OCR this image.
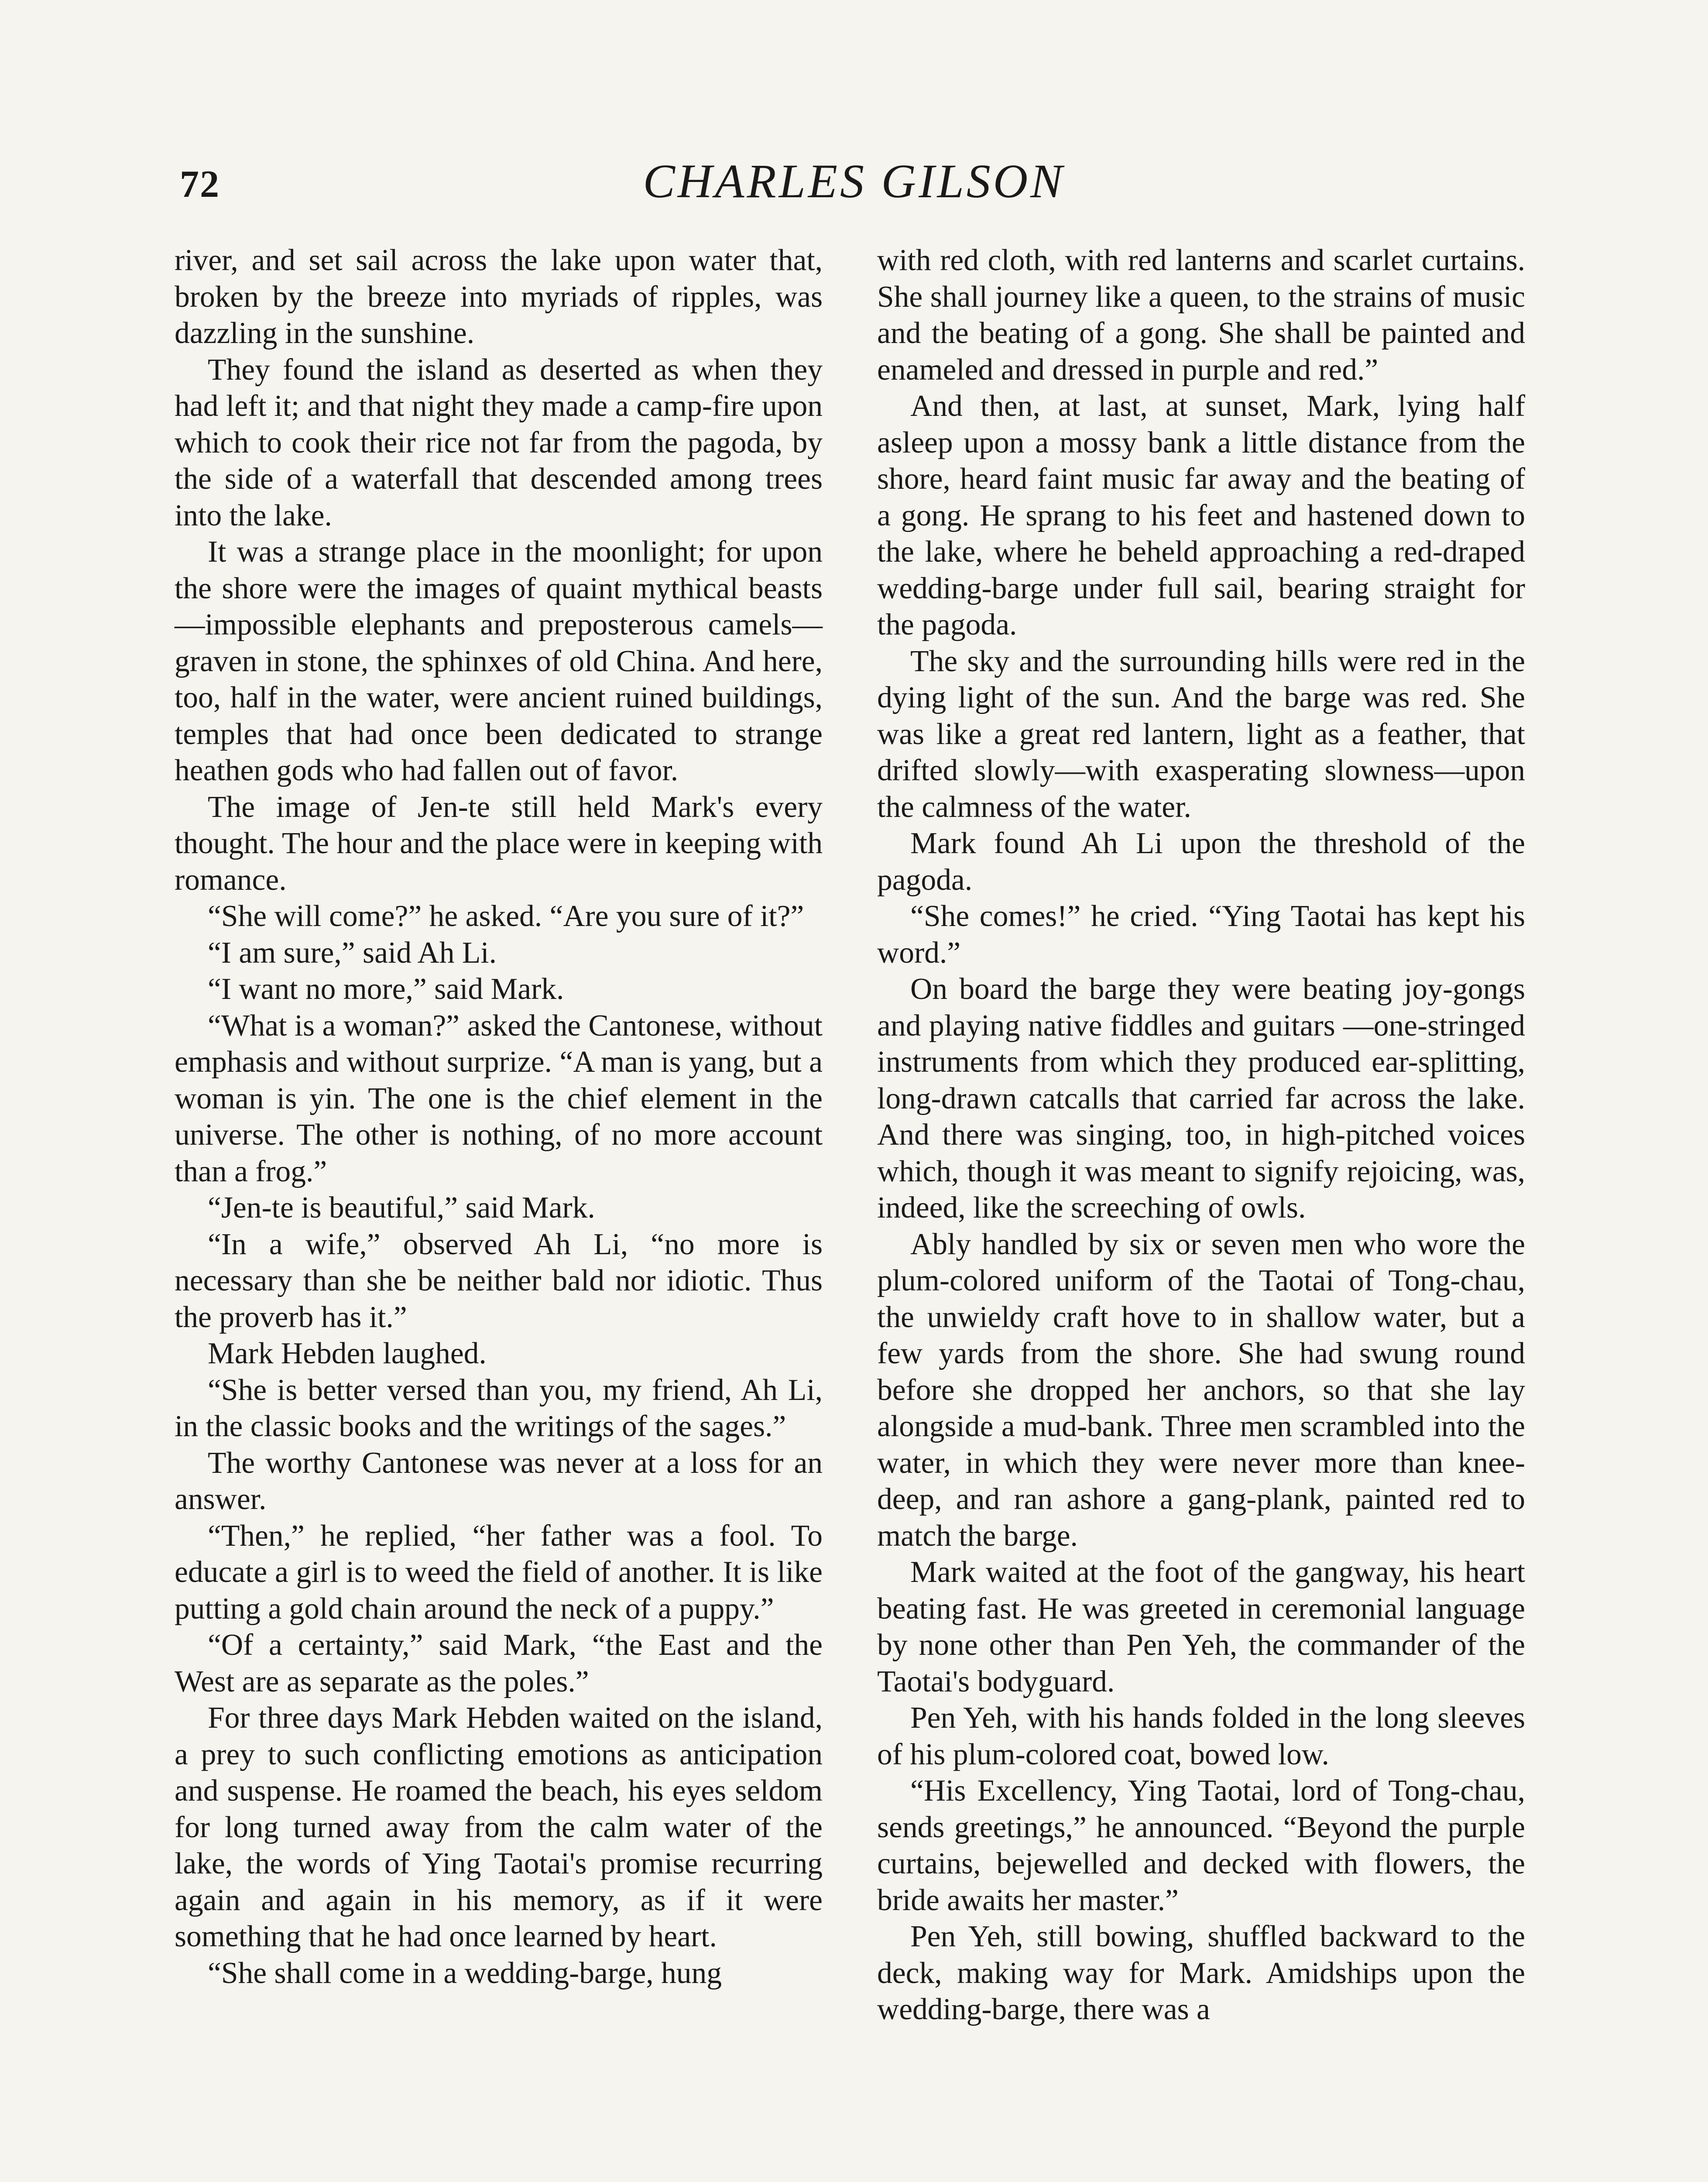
72	CHARLES GILSON

river, and set sail across the lake upon water that, broken by the breeze into myriads of ripples, was dazzling in the sunshine.

They found the island as deserted as when they had left it; and that night they made a camp-fire upon which to cook their rice not far from the pagoda, by the side of a waterfall that descended among trees into the lake.

It was a strange place in the moonlight; for upon the shore were the images of quaint mythical beasts—impossible elephants and preposterous camels—graven in stone, the sphinxes of old China. And here, too, half in the water, were ancient ruined buildings, temples that had once been dedicated to strange heathen gods who had fallen out of favor.

The image of Jen-te still held Mark's every thought. The hour and the place were in keeping with romance.

“She will come?” he asked. “Are you sure of it?”

“I am sure,” said Ah Li.

“I want no more,” said Mark.

“What is a woman?” asked the Cantonese, without emphasis and without surprize. “A man is yang, but a woman is yin. The one is the chief element in the universe. The other is nothing, of no more account than a frog.”

“Jen-te is beautiful,” said Mark.

“In a wife,” observed Ah Li, “no more is necessary than she be neither bald nor idiotic. Thus the proverb has it.”

Mark Hebden laughed.

“She is better versed than you, my friend, Ah Li, in the classic books and the writings of the sages.”

The worthy Cantonese was never at a loss for an answer.

“Then,” he replied, “her father was a fool. To educate a girl is to weed the field of another. It is like putting a gold chain around the neck of a puppy.”

“Of a certainty,” said Mark, “the East and the West are as separate as the poles.”

For three days Mark Hebden waited on the island, a prey to such conflicting emotions as anticipation and suspense. He roamed the beach, his eyes seldom for long turned away from the calm water of the lake, the words of Ying Taotai's promise recurring again and again in his memory, as if it were something that he had once learned by heart.

“She shall come in a wedding-barge, hung

with red cloth, with red lanterns and scarlet curtains. She shall journey like a queen, to the strains of music and the beating of a gong. She shall be painted and enameled and dressed in purple and red.”

And then, at last, at sunset, Mark, lying half asleep upon a mossy bank a little distance from the shore, heard faint music far away and the beating of a gong. He sprang to his feet and hastened down to the lake, where he beheld approaching a red-draped wedding-barge under full sail, bearing straight for the pagoda.

The sky and the surrounding hills were red in the dying light of the sun. And the barge was red. She was like a great red lantern, light as a feather, that drifted slowly—with exasperating slowness—upon the calmness of the water.

Mark found Ah Li upon the threshold of the pagoda.

“She comes!” he cried. “Ying Taotai has kept his word.”

On board the barge they were beating joy-gongs and playing native fiddles and guitars —one-stringed instruments from which they produced ear-splitting, long-drawn catcalls that carried far across the lake. And there was singing, too, in high-pitched voices which, though it was meant to signify rejoicing, was, indeed, like the screeching of owls.

Ably handled by six or seven men who wore the plum-colored uniform of the Taotai of Tong-chau, the unwieldy craft hove to in shallow water, but a few yards from the shore. She had swung round before she dropped her anchors, so that she lay alongside a mud-bank. Three men scrambled into the water, in which they were never more than knee-deep, and ran ashore a gang-plank, painted red to match the barge.

Mark waited at the foot of the gangway, his heart beating fast. He was greeted in ceremonial language by none other than Pen Yeh, the commander of the Taotai's bodyguard.

Pen Yeh, with his hands folded in the long sleeves of his plum-colored coat, bowed low.

“His Excellency, Ying Taotai, lord of Tong-chau, sends greetings,” he announced. “Beyond the purple curtains, bejewelled and decked with flowers, the bride awaits her master.”

Pen Yeh, still bowing, shuffled backward to the deck, making way for Mark. Amidships upon the wedding-barge, there was a
